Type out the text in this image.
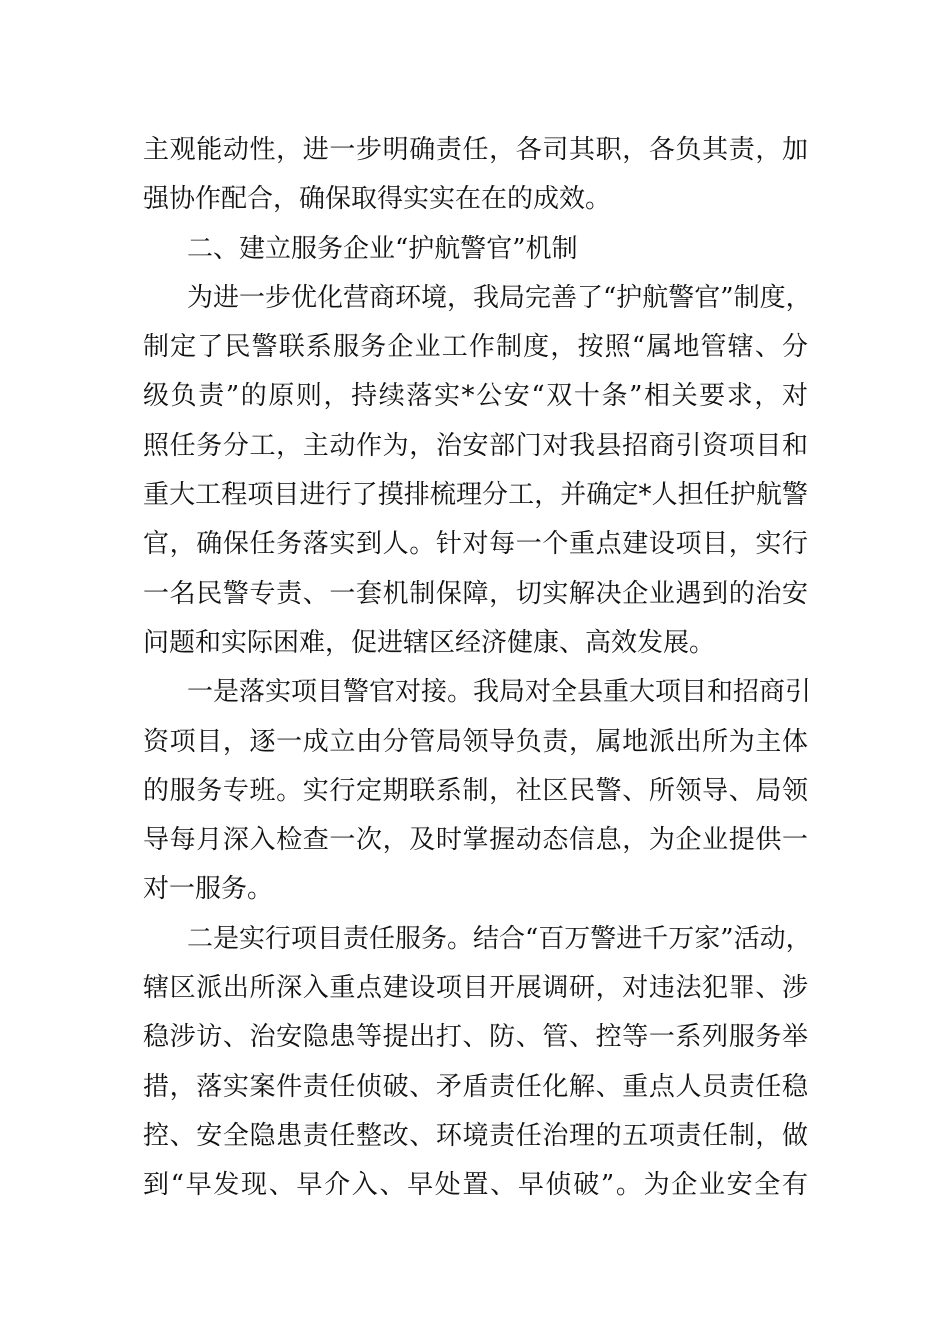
主观能动性，进一步明确责任，各司其职，各负其责，加
强协作配合，确保取得实实在在的成效。
二、建立服务企业“护航警官”机制
为进一步优化营商环境，我局完善了“护航警官”制度，
制定了民警联系服务企业工作制度，按照“属地管辖、分
级负责”的原则，持续落实*公安“双十条”相关要求，对
照任务分工，主动作为，治安部门对我县招商引资项目和
重大工程项目进行了摸排梳理分工，并确定*人担任护航警
官，确保任务落实到人。针对每一个重点建设项目，实行
一名民警专责、一套机制保障，切实解决企业遇到的治安
问题和实际困难，促进辖区经济健康、高效发展。
一是落实项目警官对接。我局对全县重大项目和招商引
资项目，逐一成立由分管局领导负责，属地派出所为主体
的服务专班。实行定期联系制，社区民警、所领导、局领
导每月深入检查一次，及时掌握动态信息，为企业提供一
对一服务。
二是实行项目责任服务。结合“百万警进千万家”活动，
辖区派出所深入重点建设项目开展调研，对违法犯罪、涉
稳涉访、治安隐患等提出打、防、管、控等一系列服务举
措，落实案件责任侦破、矛盾责任化解、重点人员责任稳
控、安全隐患责任整改、环境责任治理的五项责任制，做
到“早发现、早介入、早处置、早侦破”。为企业安全有
